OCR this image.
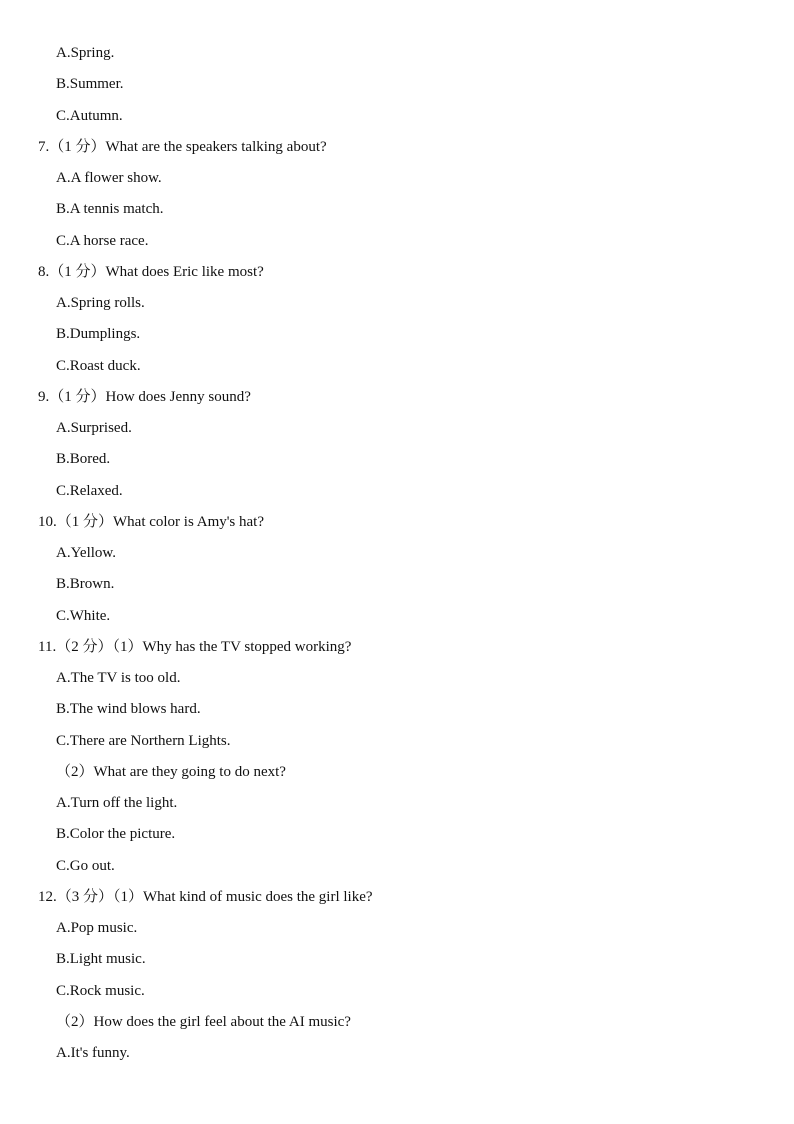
A.Spring.
B.Summer.
C.Autumn.
7.（1 分）What are the speakers talking about?
A.A flower show.
B.A tennis match.
C.A horse race.
8.（1 分）What does Eric like most?
A.Spring rolls.
B.Dumplings.
C.Roast duck.
9.（1 分）How does Jenny sound?
A.Surprised.
B.Bored.
C.Relaxed.
10.（1 分）What color is Amy's hat?
A.Yellow.
B.Brown.
C.White.
11.（2 分）（1）Why has the TV stopped working?
A.The TV is too old.
B.The wind blows hard.
C.There are Northern Lights.
（2）What are they going to do next?
A.Turn off the light.
B.Color the picture.
C.Go out.
12.（3 分）（1）What kind of music does the girl like?
A.Pop music.
B.Light music.
C.Rock music.
（2）How does the girl feel about the AI music?
A.It's funny.
